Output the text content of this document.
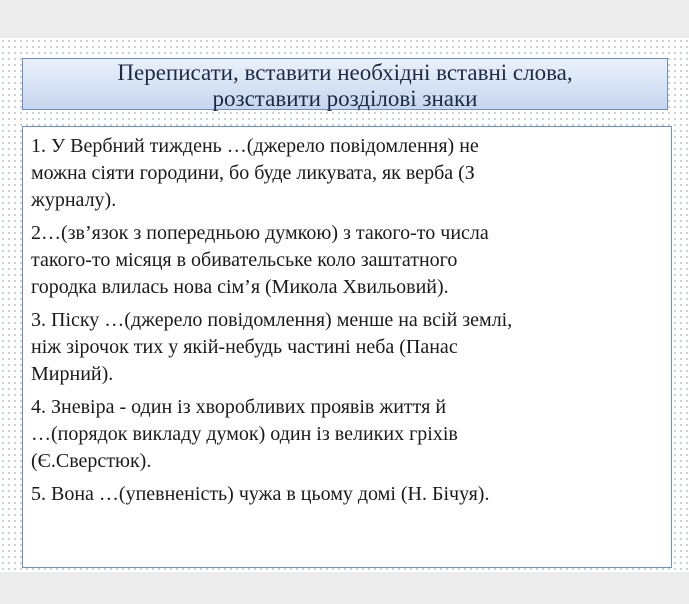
Переписати, вставити необхідні вставні слова,
розставити розділові знаки
1. У Вербний тиждень …(джерело повідомлення) не
можна сіяти городини, бо буде ликувата, як верба (З
журналу).
2…(зв’язок з попередньою думкою) з такого-то числа
такого-то місяця в обивательське коло заштатного
городка влилась нова сім’я (Микола Хвильовий).
3. Піску …(джерело повідомлення) менше на всій землі,
ніж зірочок тих у якій-небудь частині неба (Панас
Мирний).
4. Зневіра - один із хворобливих проявів життя й
…(порядок викладу думок) один із великих гріхів
(Є.Сверстюк).
5. Вона …(упевненість) чужа в цьому домі (Н. Бічуя).
